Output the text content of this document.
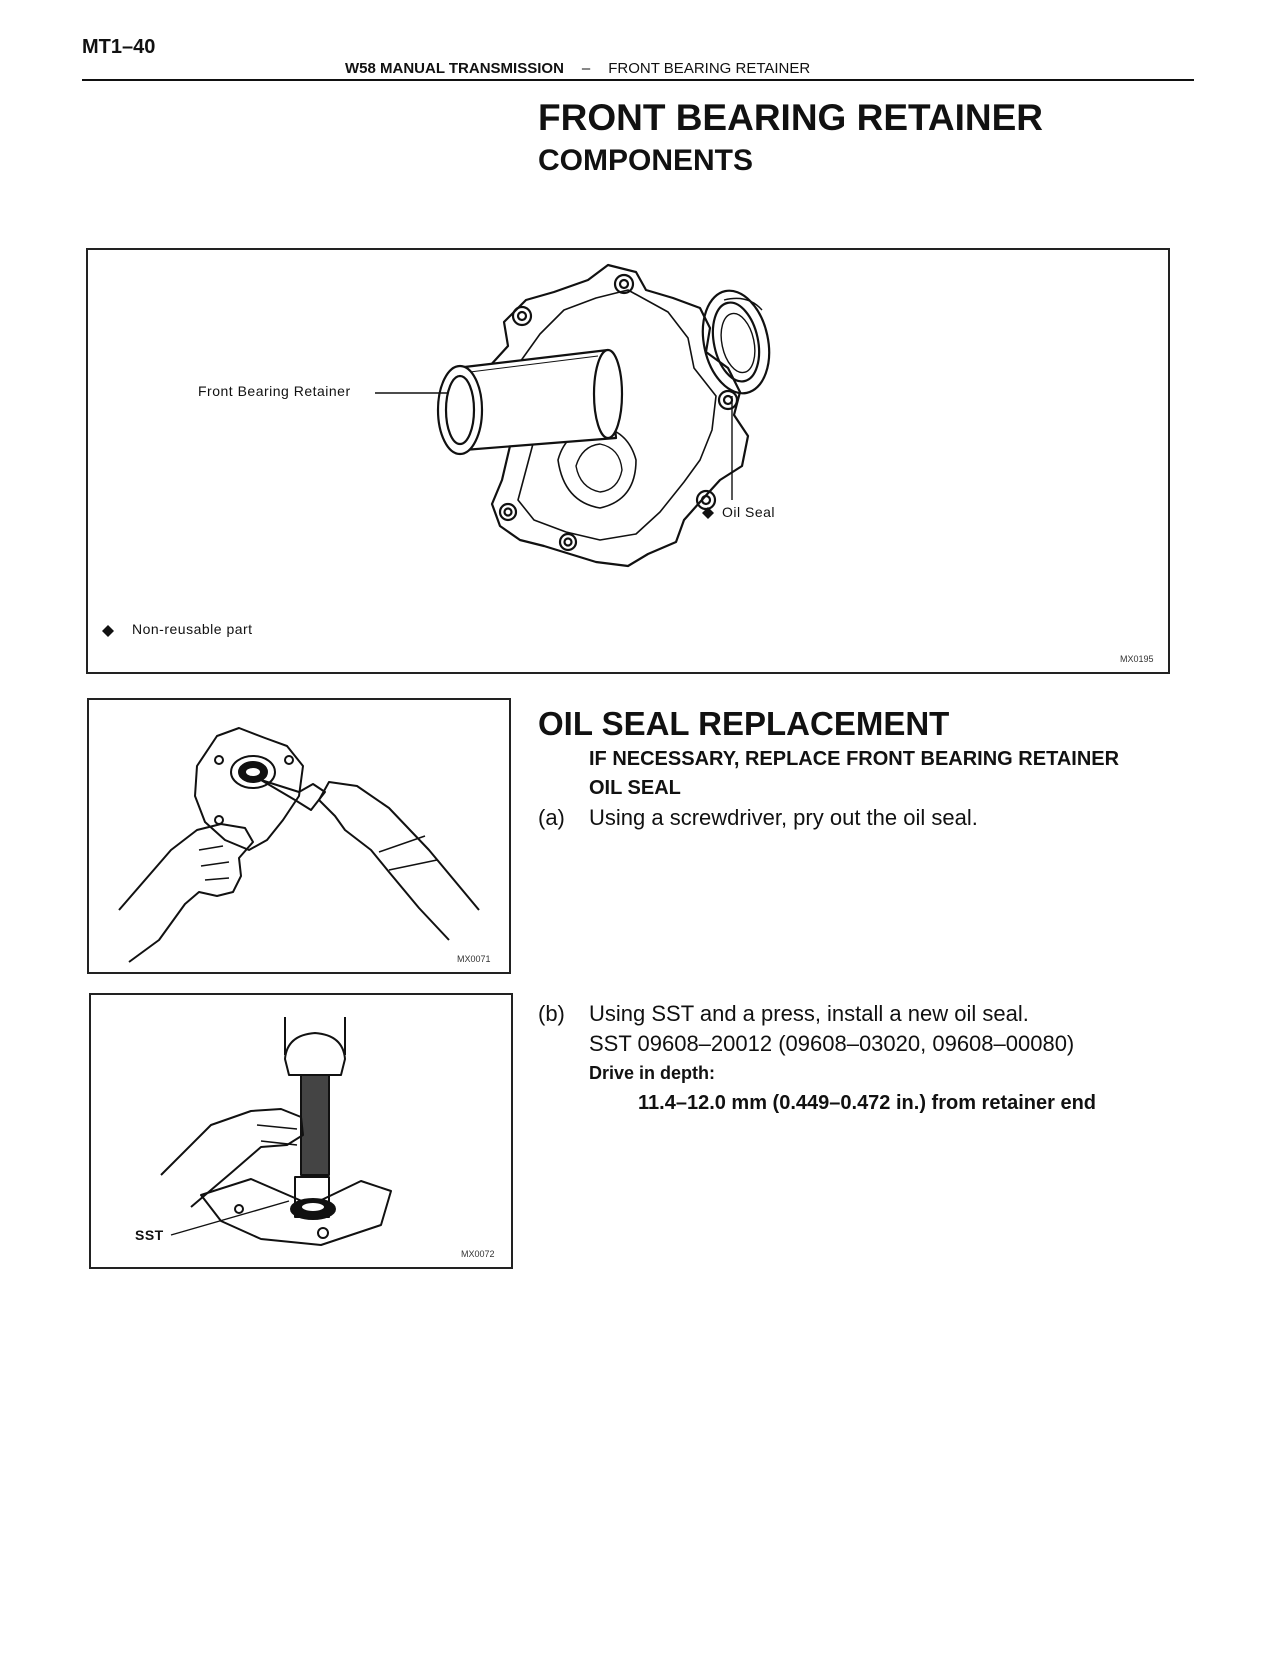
MT1–40
W58 MANUAL TRANSMISSION – FRONT BEARING RETAINER
FRONT BEARING RETAINER
COMPONENTS
Front Bearing Retainer
Oil Seal
Non-reusable part
MX0195
OIL SEAL REPLACEMENT
IF NECESSARY, REPLACE FRONT BEARING RETAINER
OIL SEAL
(a) Using a screwdriver, pry out the oil seal.
MX0071
(b) Using SST and a press, install a new oil seal.
SST 09608–20012 (09608–03020, 09608–00080)
Drive in depth:
11.4–12.0 mm (0.449–0.472 in.) from retainer end
SST
MX0072
